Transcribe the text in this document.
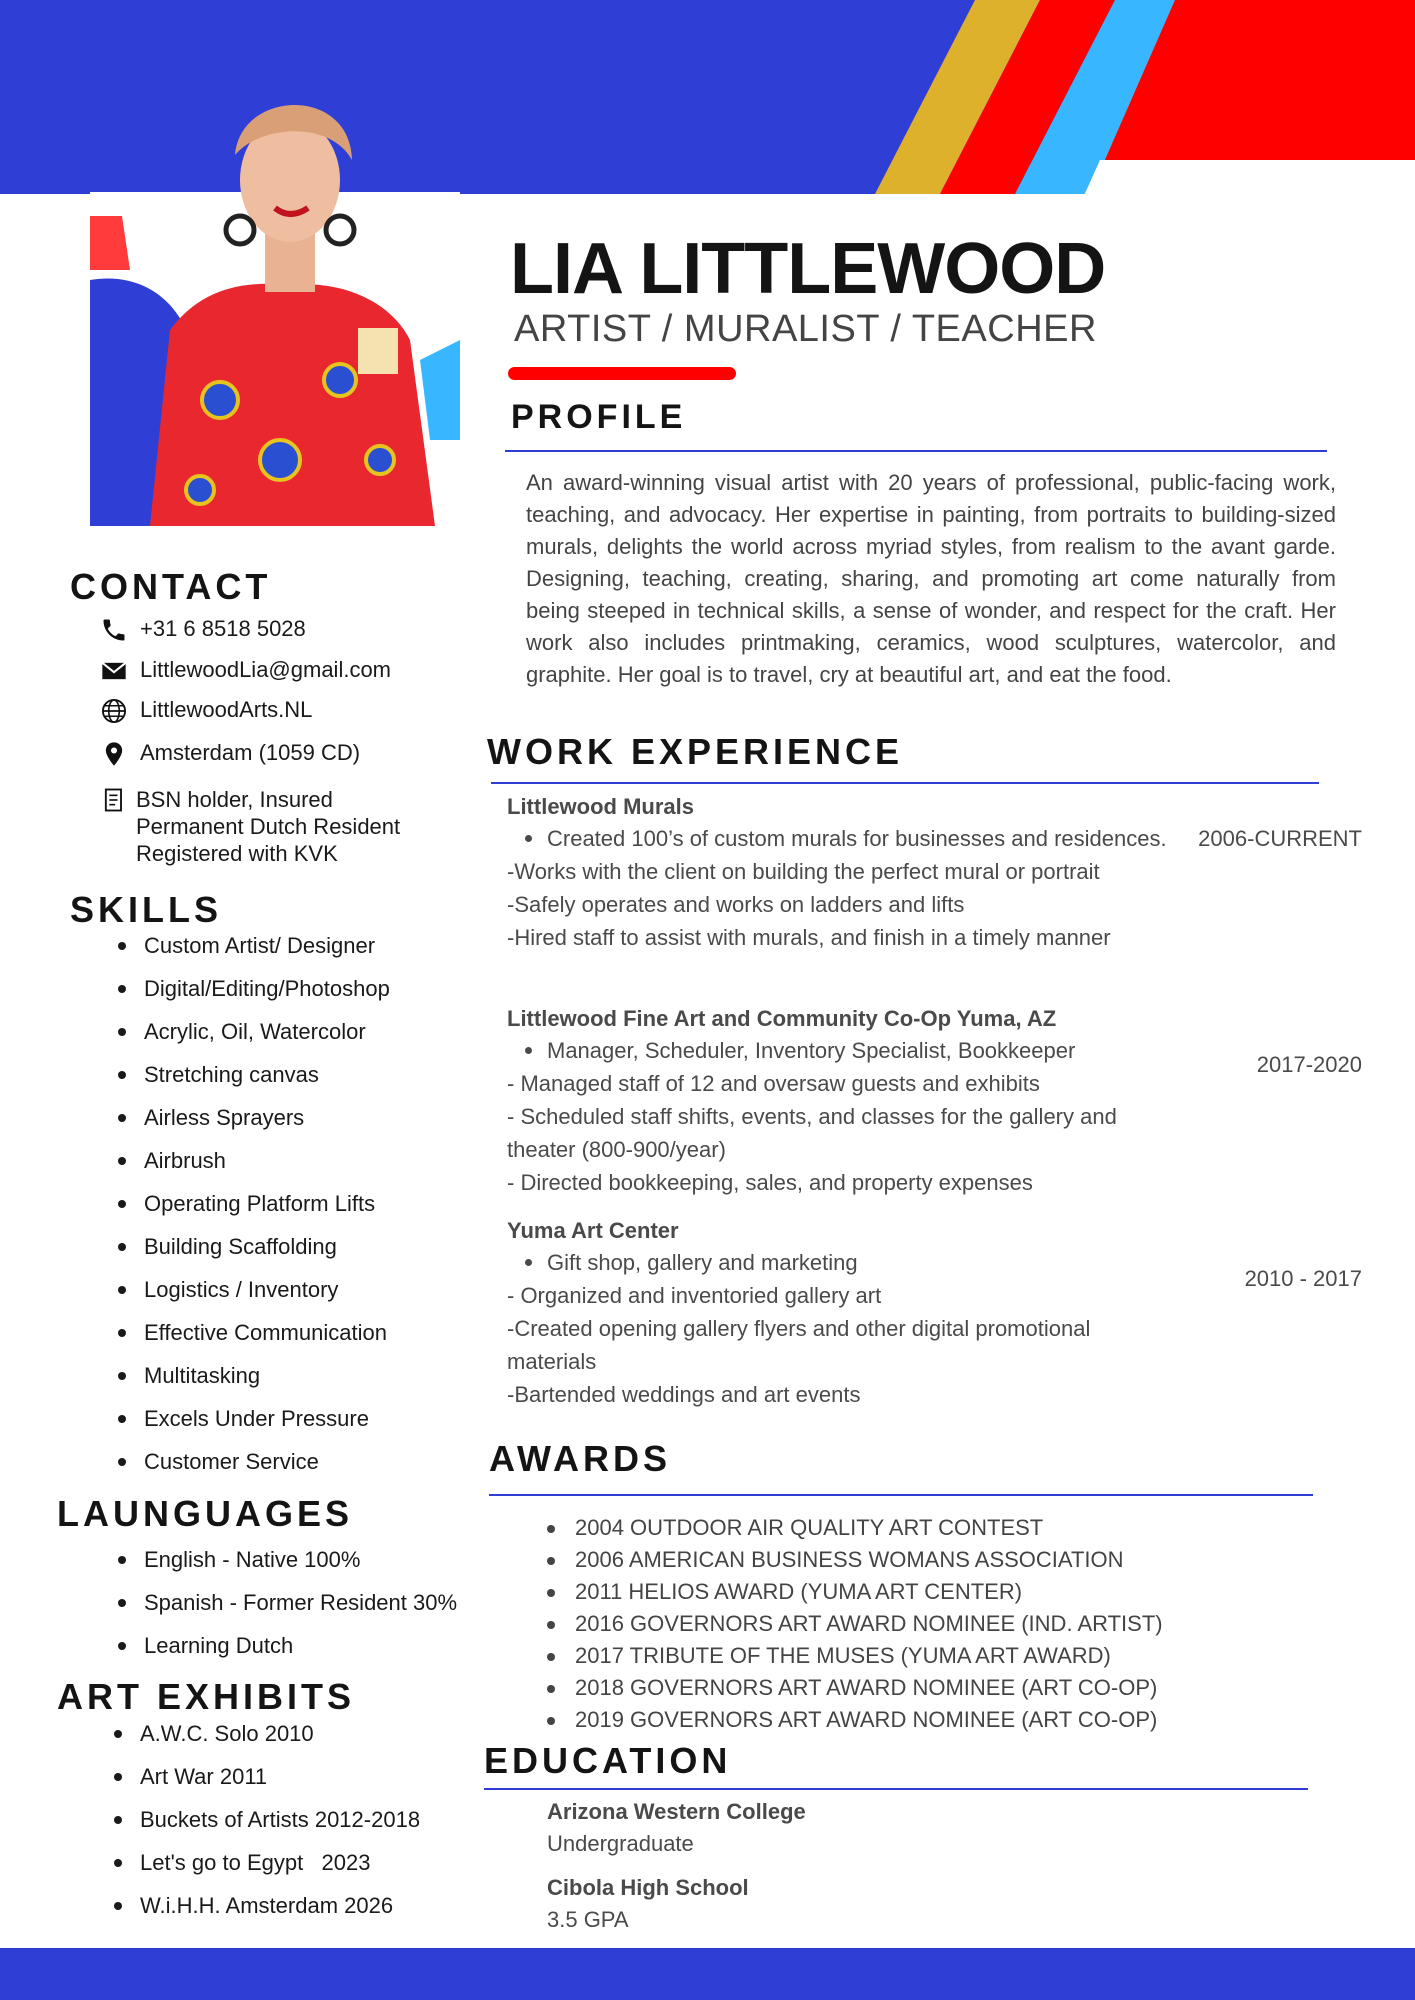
LIA LITTLEWOOD
ARTIST / MURALIST / TEACHER
PROFILE
An award-winning visual artist with 20 years of professional, public-facing work, teaching, and advocacy. Her expertise in painting, from portraits to building-sized murals, delights the world across myriad styles, from realism to the avant garde. Designing, teaching, creating, sharing, and promoting art come naturally from being steeped in technical skills, a sense of wonder, and respect for the craft. Her work also includes printmaking, ceramics, wood sculptures, watercolor, and graphite. Her goal is to travel, cry at beautiful art, and eat the food.
CONTACT
+31 6 8518 5028
LittlewoodLia@gmail.com
LittlewoodArts.NL
Amsterdam (1059 CD)
BSN holder, Insured
Permanent Dutch Resident
Registered with KVK
SKILLS
Custom Artist/ Designer
Digital/Editing/Photoshop
Acrylic, Oil, Watercolor
Stretching canvas
Airless Sprayers
Airbrush
Operating Platform Lifts
Building Scaffolding
Logistics / Inventory
Effective Communication
Multitasking
Excels Under Pressure
Customer Service
LAUNGUAGES
English - Native 100%
Spanish - Former Resident 30%
Learning Dutch
ART EXHIBITS
A.W.C. Solo 2010
Art War 2011
Buckets of Artists 2012-2018
Let's go to Egypt   2023
W.i.H.H. Amsterdam 2026
WORK EXPERIENCE
Littlewood Murals
Created 100’s of custom murals for businesses and residences.
-Works with the client on building the perfect mural or portrait
-Safely operates and works on ladders and lifts
-Hired staff to assist with murals, and finish in a timely manner
2006-CURRENT
Littlewood Fine Art and Community Co-Op Yuma, AZ
Manager, Scheduler, Inventory Specialist, Bookkeeper
- Managed staff of 12 and oversaw guests and exhibits
- Scheduled staff shifts, events, and classes for the gallery and theater (800-900/year)
- Directed bookkeeping, sales, and property expenses
2017-2020
Yuma Art Center
Gift shop, gallery and marketing
- Organized and inventoried gallery art
-Created opening gallery flyers and other digital promotional materials
-Bartended weddings and art events
2010 - 2017
AWARDS
2004 OUTDOOR AIR QUALITY ART CONTEST
2006 AMERICAN BUSINESS WOMANS ASSOCIATION
2011 HELIOS AWARD (YUMA ART CENTER)
2016 GOVERNORS ART AWARD NOMINEE (IND. ARTIST)
2017 TRIBUTE OF THE MUSES (YUMA ART AWARD)
2018 GOVERNORS ART AWARD NOMINEE (ART CO-OP)
2019 GOVERNORS ART AWARD NOMINEE (ART CO-OP)
EDUCATION
Arizona Western College
Undergraduate
Cibola High School
3.5 GPA
